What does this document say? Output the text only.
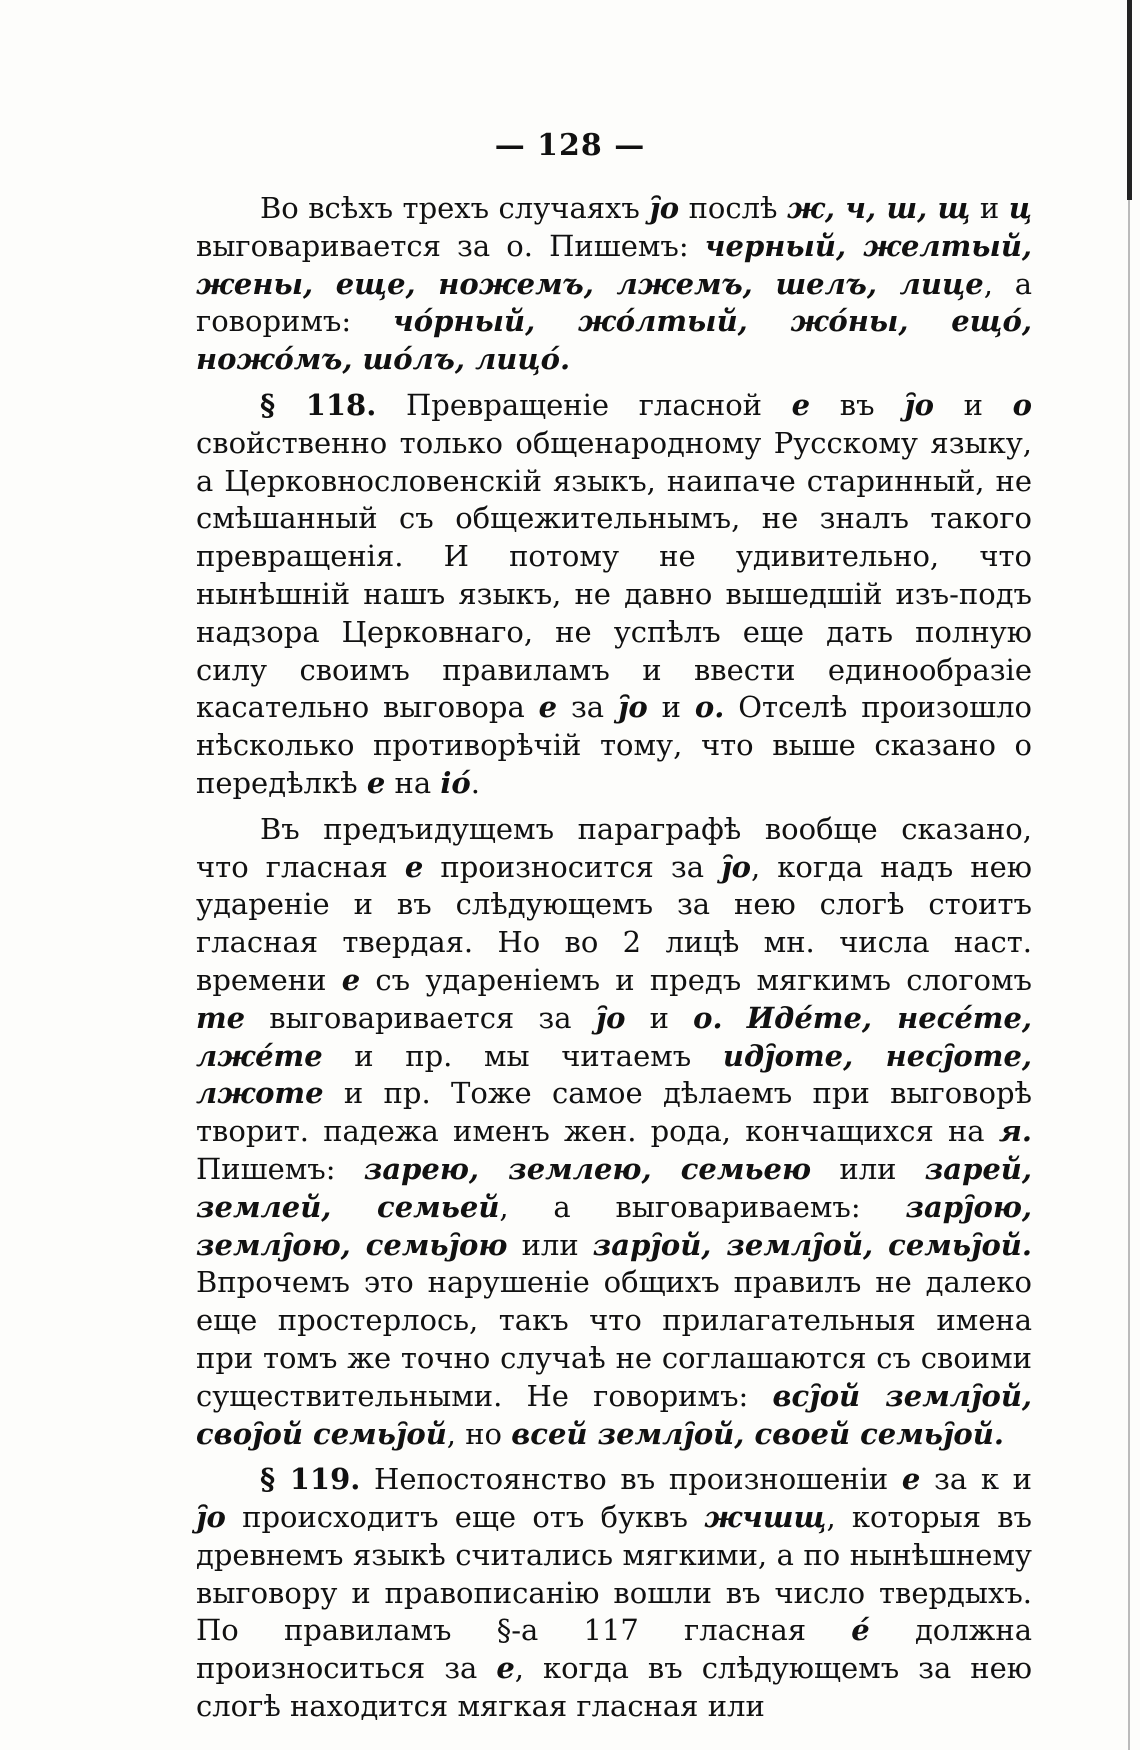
— 128 —

Во всѣхъ трехъ случаяхъ ј̑о послѣ ж, ч, ш, щ и ц выговаривается за о. Пишемъ: черный, желтый, жены, еще, ножемъ, лжемъ, шелъ, лице, а говоримъ: чо́рный, жо́лтый, жо́ны, ещо́, ножо́мъ, шо́лъ, лицо́.

§ 118. Превращеніе гласной е въ ј̑о и о свойственно только общенародному Русскому языку, а Церковнословенскій языкъ, наипаче старинный, не смѣшанный съ общежительнымъ, не зналъ такого превращенія. И потому не удивительно, что нынѣшній нашъ языкъ, не давно вышедшій изъ-подъ надзора Церковнаго, не успѣлъ еще дать полную силу своимъ правиламъ и ввести единообразіе касательно выговора е за ј̑о и о. Отселѣ произошло нѣсколько противорѣчій тому, что выше сказано о передѣлкѣ е на іо́.

Въ предъидущемъ параграфѣ вообще сказано, что гласная е произносится за ј̑о, когда надъ нею удареніе и въ слѣдующемъ за нею слогѣ стоитъ гласная твердая. Но во 2 лицѣ мн. числа наст. времени е съ удареніемъ и предъ мягкимъ слогомъ те выговаривается за ј̑о и о. Иде́те, несе́те, лже́те и пр. мы читаемъ идј̑оте, несј̑оте, лжоте и пр. Тоже самое дѣлаемъ при выговорѣ творит. падежа именъ жен. рода, кончащихся на я. Пишемъ: зарею, землею, семьею или зарей, землей, семьей, а выговариваемъ: зарј̑ою, землј̑ою, семьј̑ою или зарј̑ой, землј̑ой, семьј̑ой. Впрочемъ это нарушеніе общихъ правилъ не далеко еще простерлось, такъ что прилагательныя имена при томъ же точно случаѣ не соглашаются съ своими существительными. Не говоримъ: всј̑ой землј̑ой, своj̑ой семьј̑ой, но всей землј̑ой, своей семьј̑ой.

§ 119. Непостоянство въ произношеніи е за к и ј̑о происходитъ еще отъ буквъ жчшщ, которыя въ древнемъ языкѣ считались мягкими, а по нынѣшнему выговору и правописанію вошли въ число твердыхъ. По правиламъ §-а 117 гласная е́ должна произноситься за е, когда въ слѣдующемъ за нею слогѣ находится мягкая гласная или
